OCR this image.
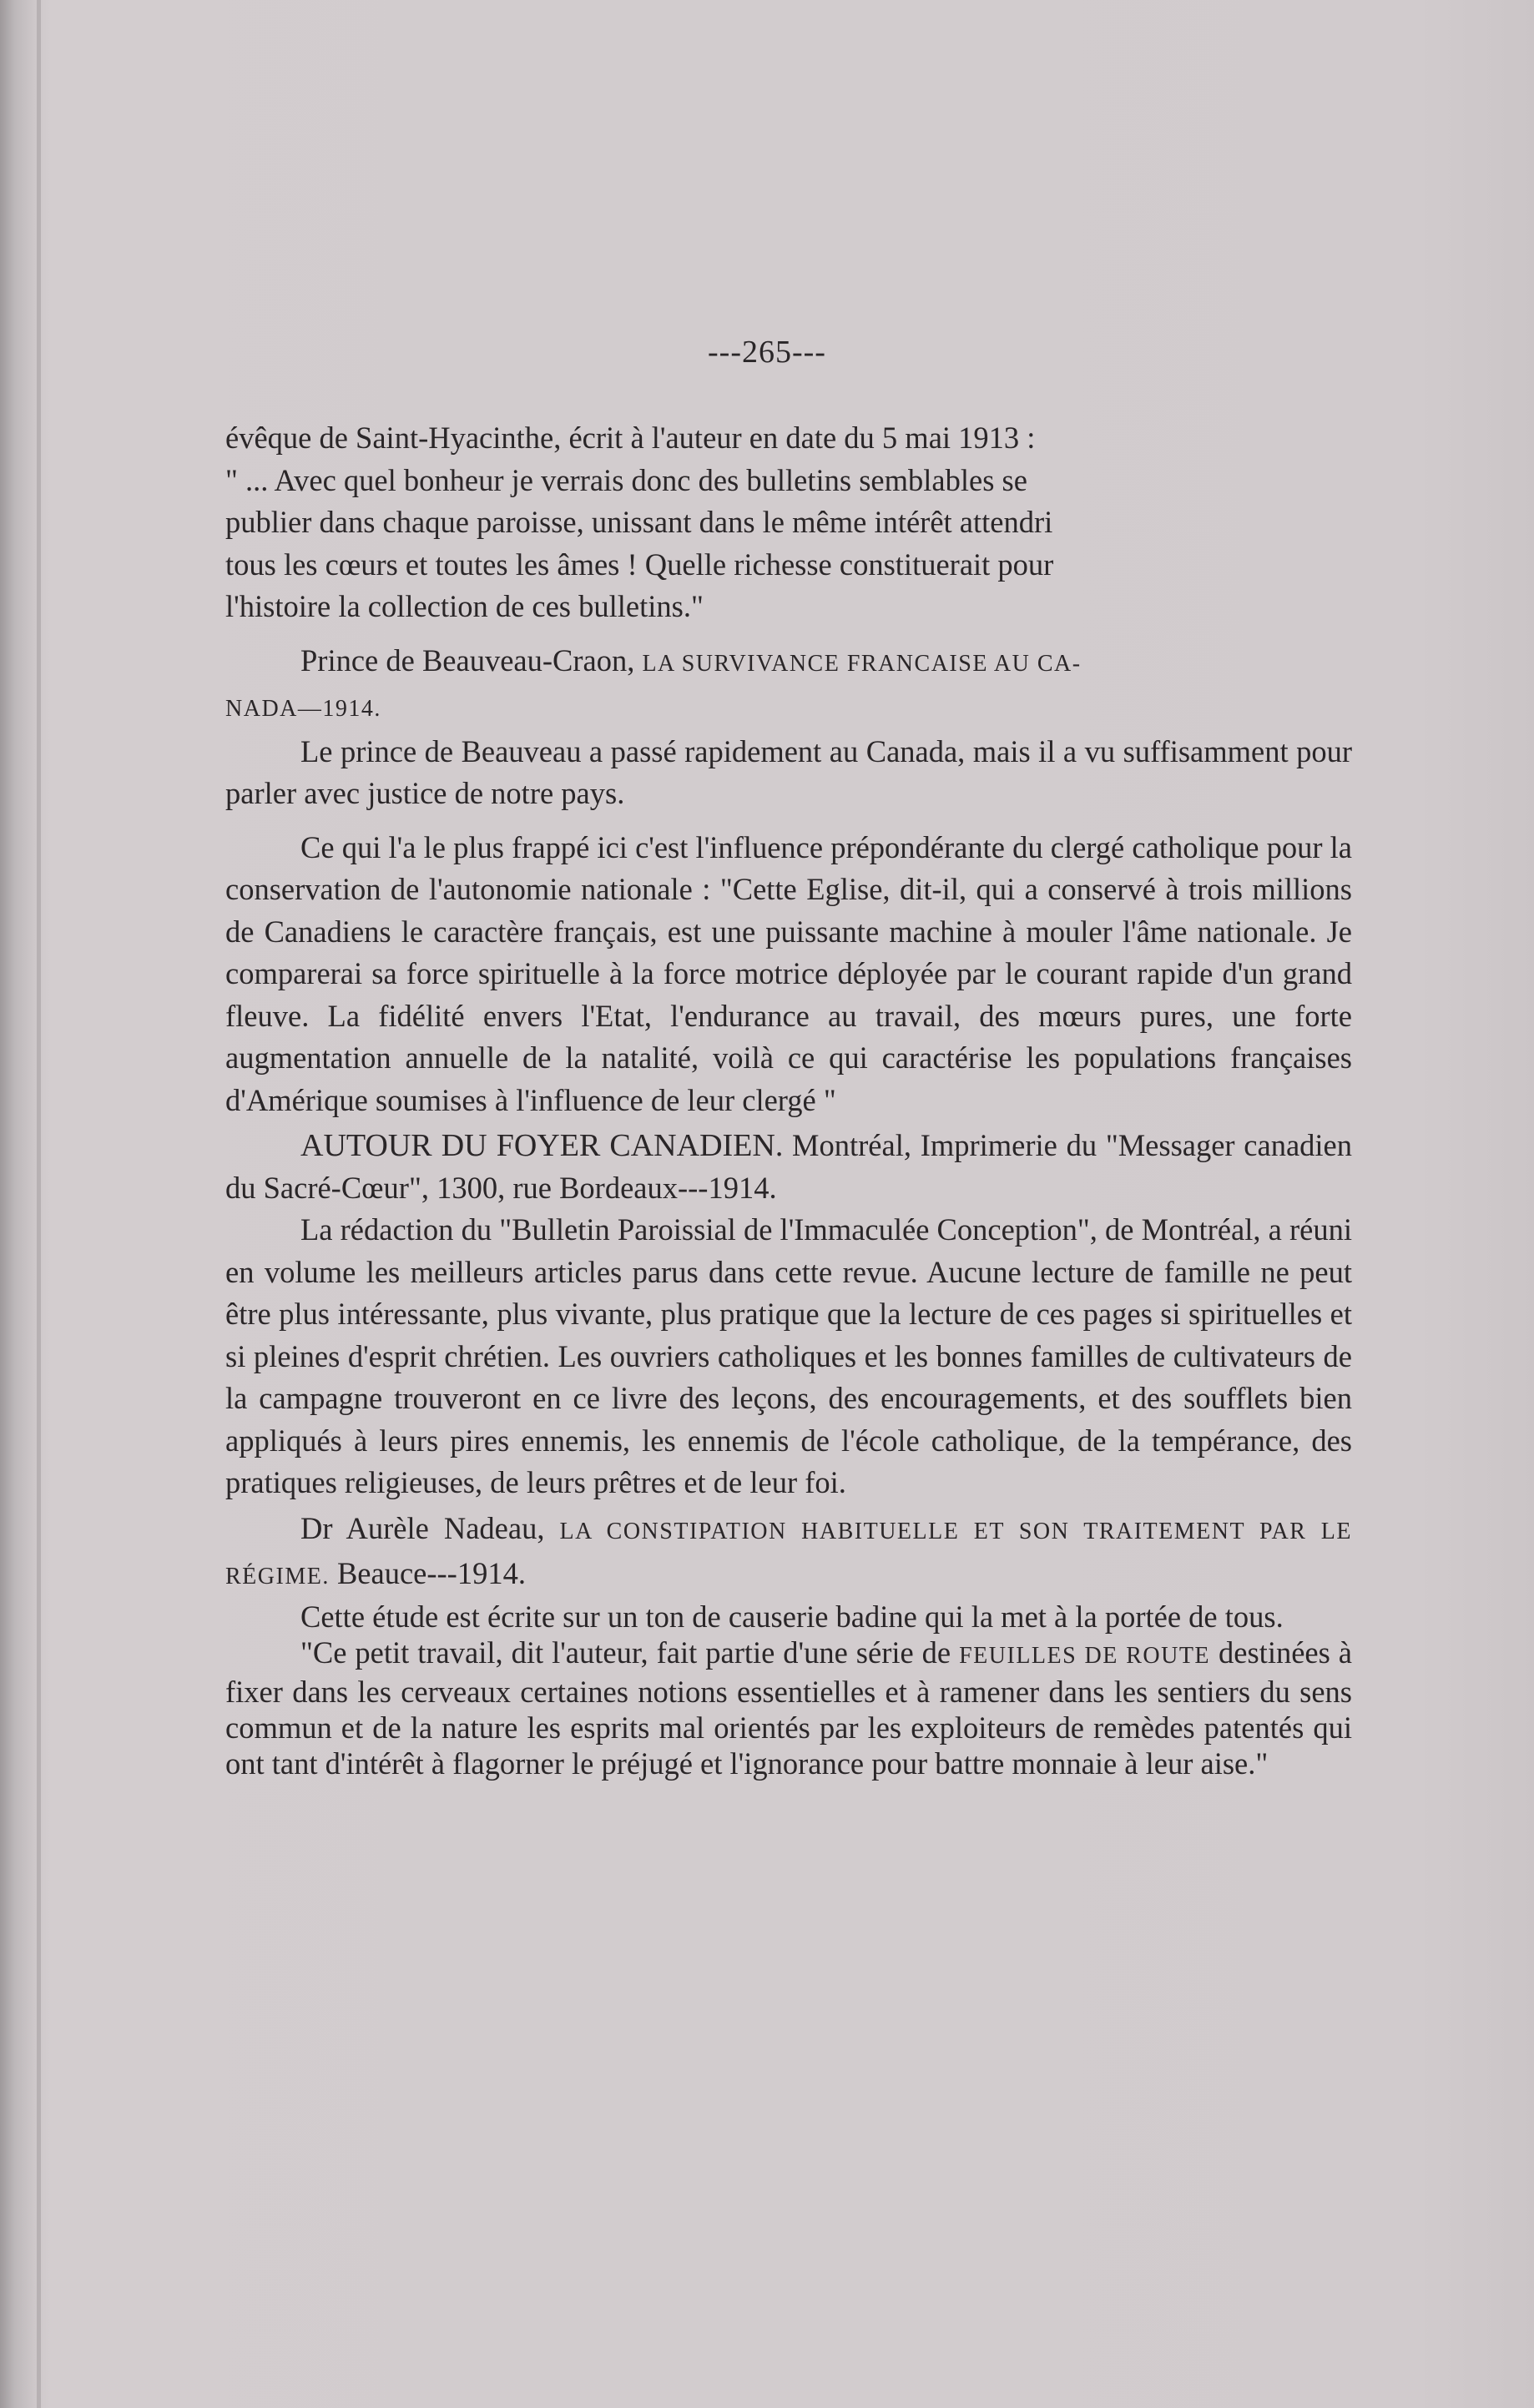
---265---

évêque de Saint-Hyacinthe, écrit à l'auteur en date du 5 mai 1913 :
" ... Avec quel bonheur je verrais donc des bulletins semblables se
publier dans chaque paroisse, unissant dans le même intérêt attendri
tous les cœurs et toutes les âmes ! Quelle richesse constituerait pour
l'histoire la collection de ces bulletins."

Prince de Beauveau-Craon, LA SURVIVANCE FRANCAISE AU CA-
NADA—1914.

Le prince de Beauveau a passé rapidement au Canada, mais il a vu suffisamment pour parler avec justice de notre pays.

Ce qui l'a le plus frappé ici c'est l'influence prépondérante du clergé catholique pour la conservation de l'autonomie nationale : "Cette Eglise, dit-il, qui a conservé à trois millions de Canadiens le caractère français, est une puissante machine à mouler l'âme nationale. Je comparerai sa force spirituelle à la force motrice déployée par le courant rapide d'un grand fleuve. La fidélité envers l'Etat, l'endurance au travail, des mœurs pures, une forte augmentation annuelle de la natalité, voilà ce qui caractérise les populations françaises d'Amérique soumises à l'influence de leur clergé "

AUTOUR DU FOYER CANADIEN. Montréal, Imprimerie du "Messager canadien du Sacré-Cœur", 1300, rue Bordeaux---1914.

La rédaction du "Bulletin Paroissial de l'Immaculée Conception", de Montréal, a réuni en volume les meilleurs articles parus dans cette revue. Aucune lecture de famille ne peut être plus intéressante, plus vivante, plus pratique que la lecture de ces pages si spirituelles et si pleines d'esprit chrétien. Les ouvriers catholiques et les bonnes familles de cultivateurs de la campagne trouveront en ce livre des leçons, des encouragements, et des soufflets bien appliqués à leurs pires ennemis, les ennemis de l'école catholique, de la tempérance, des pratiques religieuses, de leurs prêtres et de leur foi.

Dr Aurèle Nadeau, LA CONSTIPATION HABITUELLE ET SON TRAITEMENT PAR LE RÉGIME. Beauce---1914.

Cette étude est écrite sur un ton de causerie badine qui la met à la portée de tous.

"Ce petit travail, dit l'auteur, fait partie d'une série de FEUILLES DE ROUTE destinées à fixer dans les cerveaux certaines notions essentielles et à ramener dans les sentiers du sens commun et de la nature les esprits mal orientés par les exploiteurs de remèdes patentés qui ont tant d'intérêt à flagorner le préjugé et l'ignorance pour battre monnaie à leur aise."
